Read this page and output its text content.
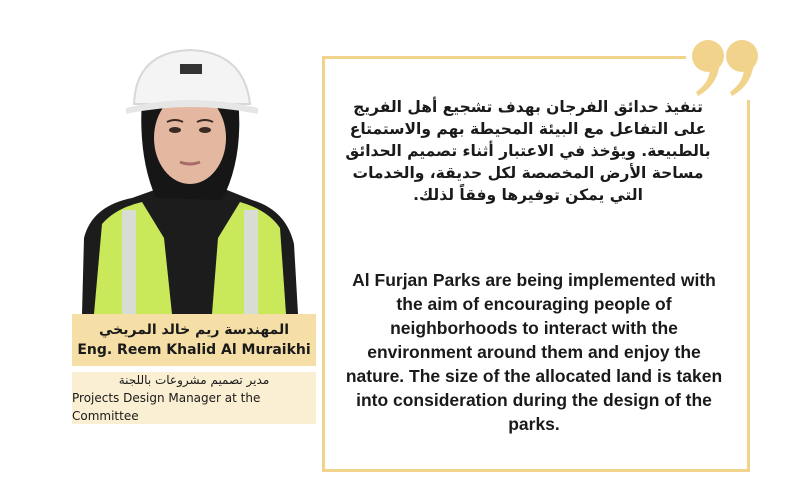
المهندسة ريم خالد المريخي
Eng. Reem Khalid Al Muraikhi
مدير تصميم مشروعات باللجنة
Projects Design Manager at the Committee
تنفيذ حدائق الفرجان بهدف تشجيع أهل الفريج على التفاعل مع البيئة المحيطة بهم والاستمتاع بالطبيعة. ويؤخذ في الاعتبار أثناء تصميم الحدائق مساحة الأرض المخصصة لكل حديقة، والخدمات التي يمكن توفيرها وفقاً لذلك.
Al Furjan Parks are being implemented with the aim of encouraging people of neighborhoods to interact with the environment around them and enjoy the nature. The size of the allocated land is taken into consideration during the design of the parks.
